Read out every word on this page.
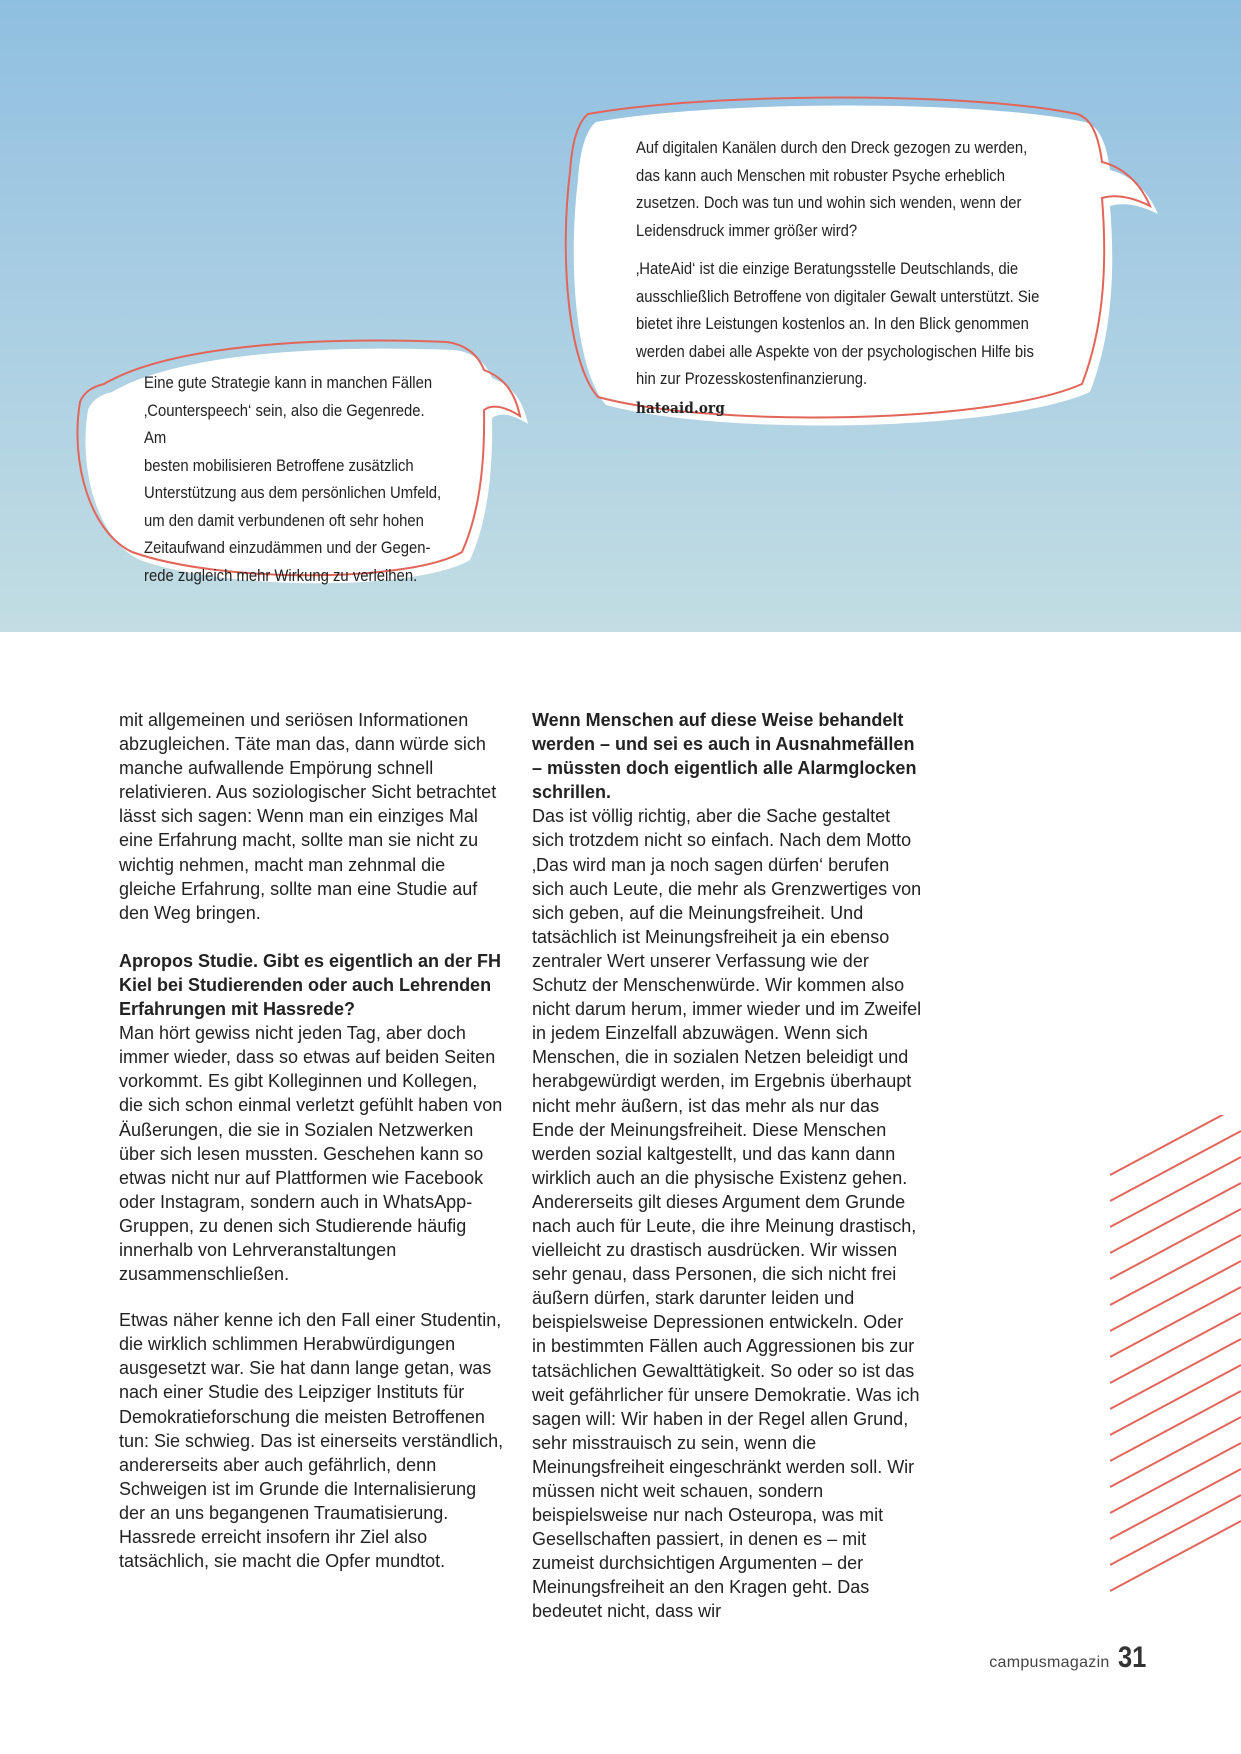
Eine gute Strategie kann in manchen Fällen

‚Counterspeech‘ sein, also die Gegenrede. Am

besten mobilisieren Betroffene zusätzlich

Unterstützung aus dem persönlichen Umfeld,

um den damit verbundenen oft sehr hohen

Zeitaufwand einzudämmen und der Gegen-

rede zugleich mehr Wirkung zu verleihen.

Auf digitalen Kanälen durch den Dreck gezogen zu werden, das kann auch Menschen mit robuster Psyche erheblich zusetzen. Doch was tun und wohin sich wenden, wenn der Leidensdruck immer größer wird?

‚HateAid‘ ist die einzige Beratungsstelle Deutschlands, die ausschließlich Betroffene von digitaler Gewalt unterstützt. Sie bietet ihre Leistungen kostenlos an. In den Blick genommen werden dabei alle Aspekte von der psychologischen Hilfe bis hin zur Prozesskostenfinanzierung.

hateaid.org

mit allgemeinen und seriösen Informationen abzugleichen. Täte man das, dann würde sich manche aufwallende Empörung schnell relativieren. Aus soziologischer Sicht betrachtet lässt sich sagen: Wenn man ein einziges Mal eine Erfahrung macht, sollte man sie nicht zu wichtig nehmen, macht man zehnmal die gleiche Erfahrung, sollte man eine Studie auf den Weg bringen.

Apropos Studie. Gibt es eigentlich an der FH Kiel bei Studierenden oder auch Lehrenden Erfahrungen mit Hassrede?

Man hört gewiss nicht jeden Tag, aber doch immer wieder, dass so etwas auf beiden Seiten vorkommt. Es gibt Kolleginnen und Kollegen, die sich schon einmal verletzt gefühlt haben von Äußerungen, die sie in Sozialen Netzwerken über sich lesen mussten. Geschehen kann so etwas nicht nur auf Plattformen wie Facebook oder Instagram, sondern auch in WhatsApp-Gruppen, zu denen sich Studierende häufig innerhalb von Lehrveranstaltungen zusammenschließen.

Etwas näher kenne ich den Fall einer Studentin, die wirklich schlimmen Herabwürdigungen ausgesetzt war. Sie hat dann lange getan, was nach einer Studie des Leipziger Instituts für Demokratieforschung die meisten Betroffenen tun: Sie schwieg. Das ist einerseits verständlich, andererseits aber auch gefährlich, denn Schweigen ist im Grunde die Internalisierung der an uns begangenen Traumatisierung. Hassrede erreicht insofern ihr Ziel also tatsächlich, sie macht die Opfer mundtot.

Wenn Menschen auf diese Weise behandelt werden – und sei es auch in Ausnahmefällen – müssten doch eigentlich alle Alarmglocken schrillen.

Das ist völlig richtig, aber die Sache gestaltet sich trotzdem nicht so einfach. Nach dem Motto ‚Das wird man ja noch sagen dürfen‘ berufen sich auch Leute, die mehr als Grenzwertiges von sich geben, auf die Meinungsfreiheit. Und tatsächlich ist Meinungsfreiheit ja ein ebenso zentraler Wert unserer Verfassung wie der Schutz der Menschenwürde. Wir kommen also nicht darum herum, immer wieder und im Zweifel in jedem Einzelfall abzuwägen. Wenn sich Menschen, die in sozialen Netzen beleidigt und herabgewürdigt werden, im Ergebnis überhaupt nicht mehr äußern, ist das mehr als nur das Ende der Meinungsfreiheit. Diese Menschen werden sozial kaltgestellt, und das kann dann wirklich auch an die physische Existenz gehen. Andererseits gilt dieses Argument dem Grunde nach auch für Leute, die ihre Meinung drastisch, vielleicht zu drastisch ausdrücken. Wir wissen sehr genau, dass Personen, die sich nicht frei äußern dürfen, stark darunter leiden und beispielsweise Depressionen entwickeln. Oder in bestimmten Fällen auch Aggressionen bis zur tatsächlichen Gewalttätigkeit. So oder so ist das weit gefährlicher für unsere Demokratie. Was ich sagen will: Wir haben in der Regel allen Grund, sehr misstrauisch zu sein, wenn die Meinungsfreiheit eingeschränkt werden soll. Wir müssen nicht weit schauen, sondern beispielsweise nur nach Osteuropa, was mit Gesellschaften passiert, in denen es – mit zumeist durchsichtigen Argumenten – der Meinungsfreiheit an den Kragen geht. Das bedeutet nicht, dass wir

campusmagazin 31
